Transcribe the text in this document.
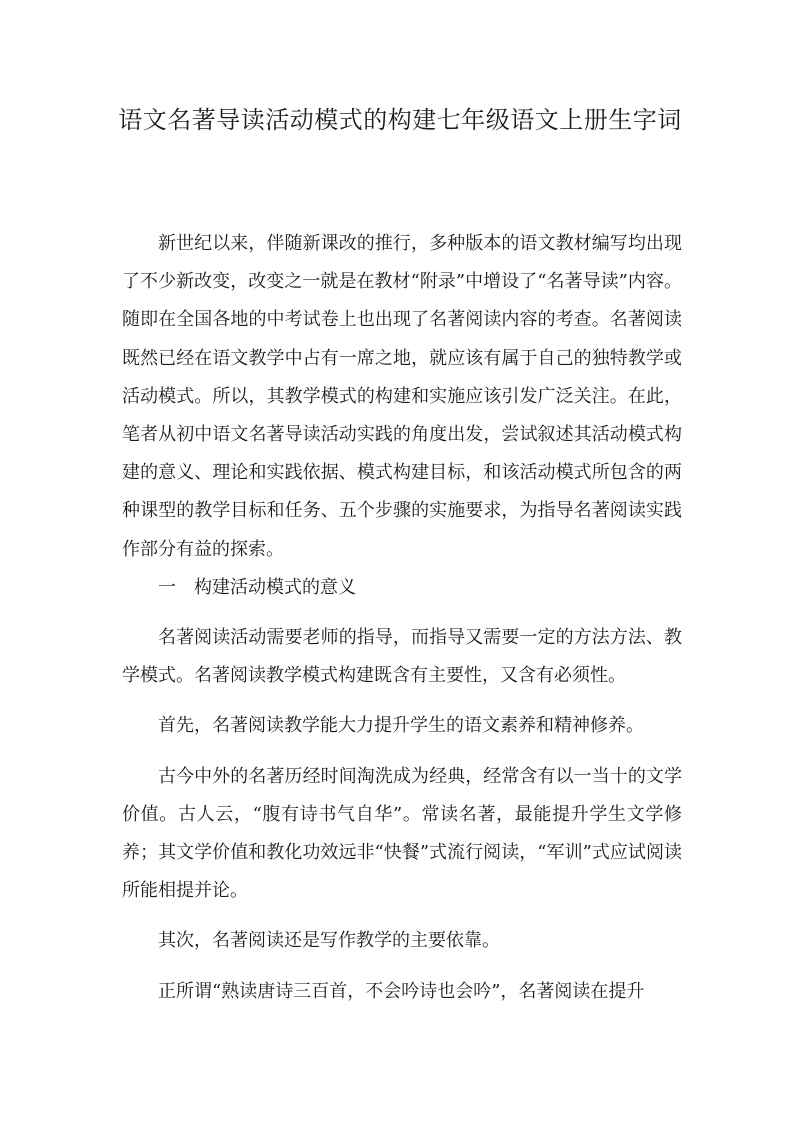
语文名著导读活动模式的构建七年级语文上册生字词

新世纪以来，伴随新课改的推行，多种版本的语文教材编写均出现了不少新改变，改变之一就是在教材“附录”中增设了“名著导读”内容。随即在全国各地的中考试卷上也出现了名著阅读内容的考查。名著阅读既然已经在语文教学中占有一席之地，就应该有属于自己的独特教学或活动模式。所以，其教学模式的构建和实施应该引发广泛关注。在此，笔者从初中语文名著导读活动实践的角度出发，尝试叙述其活动模式构建的意义、理论和实践依据、模式构建目标，和该活动模式所包含的两种课型的教学目标和任务、五个步骤的实施要求，为指导名著阅读实践作部分有益的探索。

一　构建活动模式的意义

名著阅读活动需要老师的指导，而指导又需要一定的方法方法、教学模式。名著阅读教学模式构建既含有主要性，又含有必须性。

首先，名著阅读教学能大力提升学生的语文素养和精神修养。

古今中外的名著历经时间淘洗成为经典，经常含有以一当十的文学价值。古人云，“腹有诗书气自华”。常读名著，最能提升学生文学修养；其文学价值和教化功效远非“快餐”式流行阅读，“军训”式应试阅读所能相提并论。

其次，名著阅读还是写作教学的主要依靠。

正所谓“熟读唐诗三百首，不会吟诗也会吟”，名著阅读在提升
